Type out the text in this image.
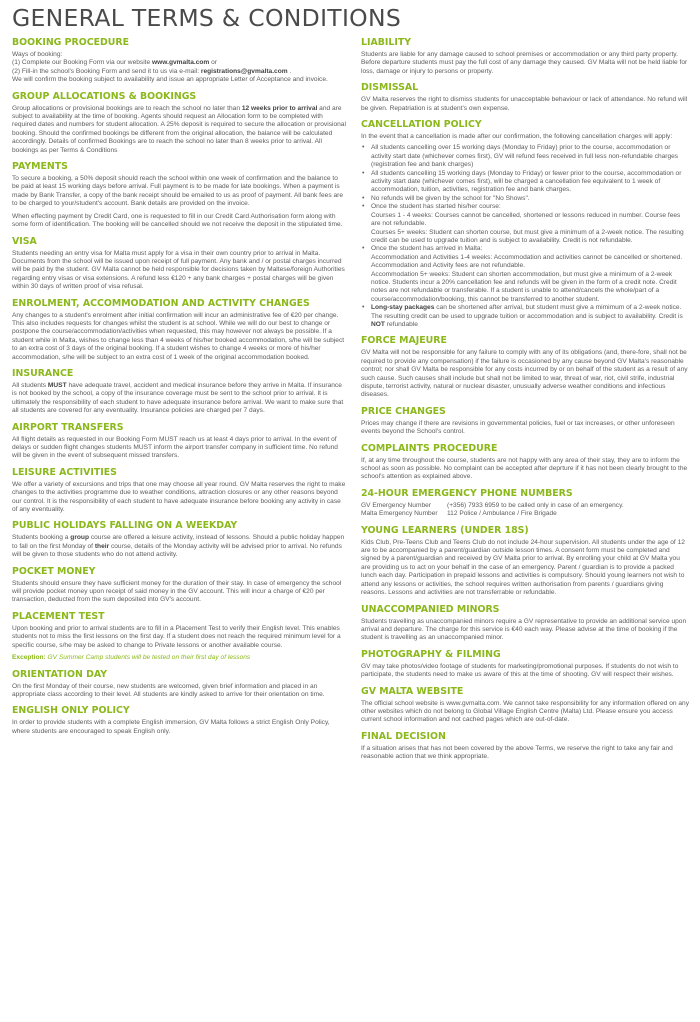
GENERAL TERMS & CONDITIONS
BOOKING PROCEDURE

Ways of booking:
(1) Complete our Booking Form via our website www.gvmalta.com or
(2) Fill-in the school's Booking Form and send it to us via e-mail: registrations@gvmalta.com .
We will confirm the booking subject to availability and issue an appropriate Letter of Acceptance and invoice.

GROUP ALLOCATIONS & BOOKINGS

Group allocations or provisional bookings are to reach the school no later than 12 weeks prior to arrival and are subject to availability at the time of booking. Agents should request an Allocation form to be completed with required dates and numbers for student allocation. A 25% deposit is required to secure the allocation or provisional booking. Should the confirmed bookings be different from the original allocation, the balance will be calculated accordingly. Details of confirmed Bookings are to reach the school no later than 8 weeks prior to arrival. All bookings as per Terms & Conditions

PAYMENTS

To secure a booking, a 50% deposit should reach the school within one week of confirmation and the balance to be paid at least 15 working days before arrival. Full payment is to be made for late bookings. When a payment is made by Bank Transfer, a copy of the bank receipt should be emailed to us as proof of payment. All bank fees are to be charged to your/student's account. Bank details are provided on the invoice.

When effecting payment by Credit Card, one is requested to fill in our Credit Card Authorisation form along with some form of identification. The booking will be cancelled should we not receive the deposit in the stipulated time.

VISA

Students needing an entry visa for Malta must apply for a visa in their own country prior to arrival in Malta. Documents from the school will be issued upon receipt of full payment. Any bank and / or postal charges incurred will be paid by the student. GV Malta cannot be held responsible for decisions taken by Maltese/foreign Authorities regarding entry visas or visa extensions. A refund less €120 + any bank charges + postal charges will be given within 30 days of written proof of visa refusal.

ENROLMENT, ACCOMMODATION AND ACTIVITY CHANGES

Any changes to a student's enrolment after initial confirmation will incur an administrative fee of €20 per change. This also includes requests for changes whilst the student is at school. While we will do our best to change or postpone the course/accommodation/activities when requested, this may however not always be possible. If a student while in Malta, wishes to change less than 4 weeks of his/her booked accommodation, s/he will be subject to an extra cost of 3 days of the original booking. If a student wishes to change 4 weeks or more of his/her accommodation, s/he will be subject to an extra cost of 1 week of the original accommodation booked.

INSURANCE

All students MUST have adequate travel, accident and medical insurance before they arrive in Malta. If insurance is not booked by the school, a copy of the insurance coverage must be sent to the school prior to arrival. It is ultimately the responsibility of each student to have adequate insurance before arrival. We want to make sure that all students are covered for any eventuality. Insurance policies are charged per 7 days.

AIRPORT TRANSFERS

All flight details as requested in our Booking Form MUST reach us at least 4 days prior to arrival. In the event of delays or sudden flight changes students MUST inform the airport transfer company in sufficient time. No refund will be given in the event of subsequent missed transfers.

LEISURE ACTIVITIES

We offer a variety of excursions and trips that one may choose all year round. GV Malta reserves the right to make changes to the activities programme due to weather conditions, attraction closures or any other reasons beyond our control. It is the responsibility of each student to have adequate insurance before booking any activity in case of any eventuality.

PUBLIC HOLIDAYS FALLING ON A WEEKDAY

Students booking a group course are offered a leisure activity, instead of lessons. Should a public holiday happen to fall on the first Monday of their course, details of the Monday activity will be advised prior to arrival. No refunds will be given to those students who do not attend activity.

POCKET MONEY

Students should ensure they have sufficient money for the duration of their stay. In case of emergency the school will provide pocket money upon receipt of said money in the GV account. This will incur a charge of €20 per transaction, deducted from the sum deposited into GV's account.

PLACEMENT TEST

Upon booking and prior to arrival students are to fill in a Placement Test to verify their English level. This enables students not to miss the first lessons on the first day. If a student does not reach the required minimum level for a specific course, s/he may be asked to change to Private lessons or another available course.

Exception: GV Summer Camp students will be tested on their first day of lessons

ORIENTATION DAY

On the first Monday of their course, new students are welcomed, given brief information and placed in an appropriate class according to their level. All students are kindly asked to arrive for their orientation on time.

ENGLISH ONLY POLICY

In order to provide students with a complete English immersion, GV Malta follows a strict English Only Policy, where students are encouraged to speak English only.

LIABILITY

Students are liable for any damage caused to school premises or accommodation or any third party property. Before departure students must pay the full cost of any damage they caused. GV Malta will not be held liable for loss, damage or injury to persons or property.

DISMISSAL

GV Malta reserves the right to dismiss students for unacceptable behaviour or lack of attendance. No refund will be given. Repatriation is at student's own expense.

CANCELLATION POLICY

In the event that a cancellation is made after our confirmation, the following cancellation charges will apply:

• All students cancelling over 15 working days (Monday to Friday) prior to the course, accommodation or activity start date (whichever comes first), GV will refund fees received in full less non-refundable charges (registration fee and bank charges)
• All students cancelling 15 working days (Monday to Friday) or fewer prior to the course, accommodation or activity start date (whichever comes first), will be charged a cancellation fee equivalent to 1 week of accommodation, tuition, activities, registration fee and bank charges.
• No refunds will be given by the school for "No Shows".
• Once the student has started his/her course:
Courses 1 - 4 weeks: Courses cannot be cancelled, shortened or lessons reduced in number. Course fees are not refundable.
Courses 5+ weeks: Student can shorten course, but must give a minimum of a 2-week notice. The resulting credit can be used to upgrade tuition and is subject to availability. Credit is not refundable.
• Once the student has arrived in Malta:
Accommodation and Activities 1-4 weeks: Accommodation and activities cannot be cancelled or shortened. Accommodation and Activity fees are not refundable.
Accommodation 5+ weeks: Student can shorten accommodation, but must give a minimum of a 2-week notice. Students incur a 20% cancellation fee and refunds will be given in the form of a credit note. Credit notes are not refundable or transferable. If a student is unable to attend/cancels the whole/part of a course/accommodation/booking, this cannot be transferred to another student.
• Long-stay packages can be shortened after arrival, but student must give a mimimum of a 2-week notice. The resulting credit can be used to upgrade tuition or accommodation and is subject to availability. Credit is NOT refundable
FORCE MAJEURE

GV Malta will not be responsible for any failure to comply with any of its obligations (and, there-fore, shall not be required to provide any compensation) if the failure is occasioned by any cause beyond GV Malta's reasonable control; nor shall GV Malta be responsible for any costs incurred by or on behalf of the student as a result of any such cause. Such causes shall include but shall not be limited to war, threat of war, riot, civil strife, industrial dispute, terrorist activity, natural or nuclear disaster, unusually adverse weather conditions and infectious diseases.

PRICE CHANGES

Prices may change if there are revisions in governmental policies, fuel or tax increases, or other unforeseen events beyond the School's control.

COMPLAINTS PROCEDURE

If, at any time throughout the course, students are not happy with any area of their stay, they are to inform the school as soon as possible. No complaint can be accepted after deprture if it has not been clearly brought to the school's attention as explained above.

24-HOUR EMERGENCY PHONE NUMBERS

GV Emergency Number (+356) 7933 6959 to be called only in case of an emergency.

Malta Emergency Number 112 Police / Ambulance / Fire Brigade

YOUNG LEARNERS (UNDER 18S)

Kids Club, Pre-Teens Club and Teens Club do not include 24-hour supervision. All students under the age of 12 are to be accompanied by a parent/guardian outside lesson times. A consent form must be completed and signed by a parent/guardian and received by GV Malta prior to arrival. By enrolling your child at GV Malta you are providing us to act on your behalf in the case of an emergency. Parent / guardian is to provide a packed lunch each day. Participation in prepaid lessons and activities is compulsory. Should young learners not wish to attend any lessons or activities, the school requires written authorisation from parents / guardians giving reasons. Lessons and activities are not transferrable or refundable.

UNACCOMPANIED MINORS

Students travelling as unaccompanied minors require a GV representative to provide an additional service upon arrival and departure. The charge for this service is €40 each way. Please advise at the time of booking if the student is travelling as an unaccompanied minor.

PHOTOGRAPHY & FILMING

GV may take photos/video footage of students for marketing/promotional purposes. If students do not wish to participate, the students need to make us aware of this at the time of shooting. GV will respect their wishes.

GV MALTA WEBSITE

The official school website is www.gvmalta.com. We cannot take responsibility for any information offered on any other websites which do not belong to Global Village English Centre (Malta) Ltd. Please ensure you access current school information and not cached pages which are out-of-date.

FINAL DECISION

If a situation arises that has not been covered by the above Terms, we reserve the right to take any fair and reasonable action that we think appropriate.
